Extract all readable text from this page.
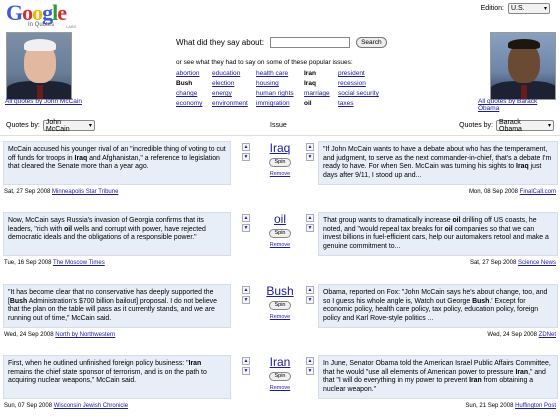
Google
In Quotes	LABS
Edition: U.S.	▾
All quotes by John McCain	All quotes by Barack Obama
What did they say about:	Search
or see what they had to say on some of these popular issues:
abortion	education	health care	Iran	president
Bush	election	housing	Iraq	recession
change	energy	human rights	marriage	social security
economy	environment	immigration	oil	taxes
Quotes by: John McCain	▾	Issue	Quotes by: Barack Obama	▾
McCain accused his younger rival of an "incredible thing of voting to cut off funds for troops in Iraq and Afghanistan," a reference to legislation that cleared the Senate more than a year ago.
Sat, 27 Sep 2008 Minneapolis Star Tribune
▲
▼
Iraq
Spin
Remove
▲
▼
"If John McCain wants to have a debate about who has the temperament, and judgment, to serve as the next commander-in-chief, that's a debate I'm ready to have. For when Sen. McCain was turning his sights to Iraq just days after 9/11, I stood up and...
Mon, 08 Sep 2008 FinalCall.com
Now, McCain says Russia's invasion of Georgia confirms that its leaders, "rich with oil wells and corrupt with power, have rejected democratic ideals and the obligations of a responsible power."
Tue, 16 Sep 2008 The Moscow Times
▲
▼
oil
Spin
Remove
▲
▼
That group wants to dramatically increase oil drilling off US coasts, he noted, and "would repeal tax breaks for oil companies so that we can invest billions in fuel-efficient cars, help our automakers retool and make a genuine commitment to...
Sat, 27 Sep 2008 Science News
"It has become clear that no conservative has deeply supported the [Bush Administration's $700 billion bailout] proposal. I do not believe that the plan on the table will pass as it currently stands, and we are running out of time," McCain said.
Wed, 24 Sep 2008 North by Northwestern
▲
▼
Bush
Spin
Remove
▲
▼
Obama, reported on Fox: "John McCain says he's about change, too, and so I guess his whole angle is, Watch out George Bush.' Except for economic policy, health care policy, tax policy, education policy, foreign policy and Karl Rove-style politics ...
Wed, 24 Sep 2008 ZDNet
First, when he outlined unfinished foreign policy business: "Iran remains the chief state sponsor of terrorism, and is on the path to acquiring nuclear weapons," McCain said.
Sun, 07 Sep 2008 Wisconsin Jewish Chronicle
▲
▼
Iran
Spin
Remove
▲
▼
In June, Senator Obama told the American Israel Public Affairs Committee, that he would "use all elements of American power to pressure Iran," and that "I will do everything in my power to prevent Iran from obtaining a nuclear weapon."
Sun, 21 Sep 2008 Huffington Post
